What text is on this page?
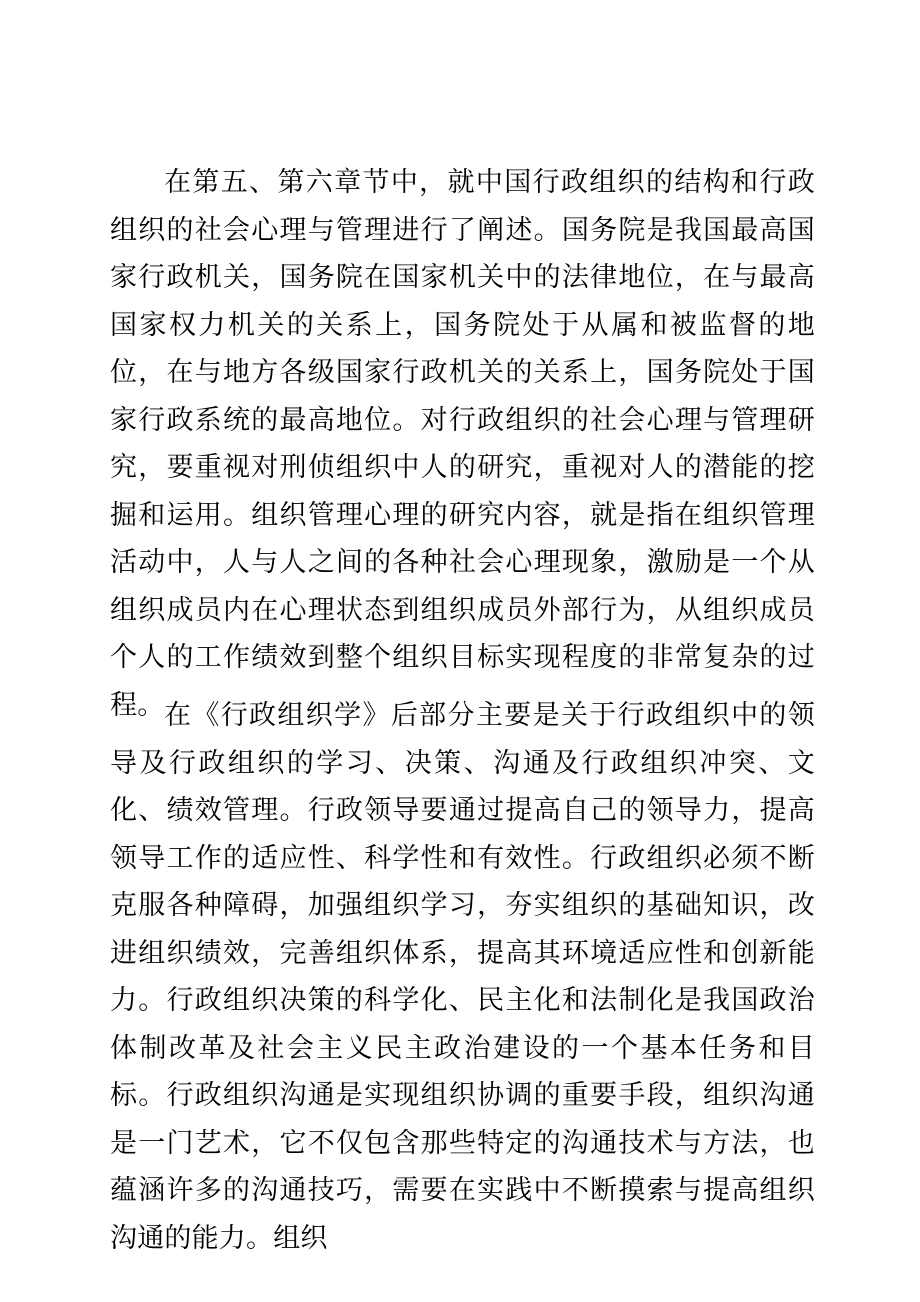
在第五、第六章节中，就中国行政组织的结构和行政组织的社会心理与管理进行了阐述。国务院是我国最高国家行政机关，国务院在国家机关中的法律地位，在与最高国家权力机关的关系上，国务院处于从属和被监督的地位，在与地方各级国家行政机关的关系上，国务院处于国家行政系统的最高地位。对行政组织的社会心理与管理研究，要重视对刑侦组织中人的研究，重视对人的潜能的挖掘和运用。组织管理心理的研究内容，就是指在组织管理活动中，人与人之间的各种社会心理现象，激励是一个从组织成员内在心理状态到组织成员外部行为，从组织成员个人的工作绩效到整个组织目标实现程度的非常复杂的过程。 在《行政组织学》后部分主要是关于行政组织中的领导及行政组织的学习、决策、沟通及行政组织冲突、文化、绩效管理。行政领导要通过提高自己的领导力，提高领导工作的适应性、科学性和有效性。行政组织必须不断克服各种障碍，加强组织学习，夯实组织的基础知识，改进组织绩效，完善组织体系，提高其环境适应性和创新能力。行政组织决策的科学化、民主化和法制化是我国政治体制改革及社会主义民主政治建设的一个基本任务和目标。行政组织沟通是实现组织协调的重要手段，组织沟通是一门艺术，它不仅包含那些特定的沟通技术与方法，也蕴涵许多的沟通技巧，需要在实践中不断摸索与提高组织沟通的能力。组织
